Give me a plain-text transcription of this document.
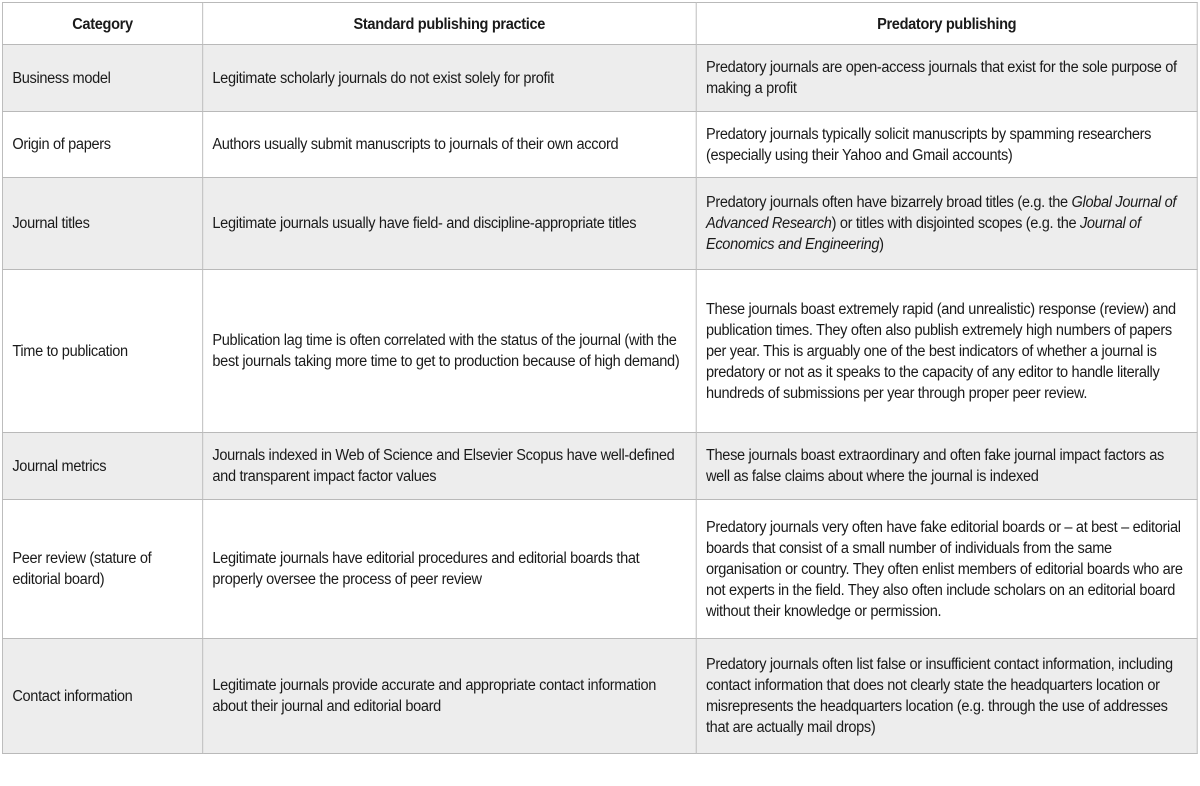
Category	Standard publishing practice	Predatory publishing
Business model	Legitimate scholarly journals do not exist solely for profit	Predatory journals are open-access journals that exist for the sole purpose of making a profit
Origin of papers	Authors usually submit manuscripts to journals of their own accord	Predatory journals typically solicit manuscripts by spamming researchers (especially using their Yahoo and Gmail accounts)
Journal titles	Legitimate journals usually have field- and discipline-appropriate titles	Predatory journals often have bizarrely broad titles (e.g. the Global Journal of Advanced Research) or titles with disjointed scopes (e.g. the Journal of Economics and Engineering)
Time to publication	Publication lag time is often correlated with the status of the journal (with the best journals taking more time to get to production because of high demand)	These journals boast extremely rapid (and unrealistic) response (review) and publication times. They often also publish extremely high numbers of papers per year. This is arguably one of the best indicators of whether a journal is predatory or not as it speaks to the capacity of any editor to handle literally hundreds of submissions per year through proper peer review.
Journal metrics	Journals indexed in Web of Science and Elsevier Scopus have well-defined and transparent impact factor values	These journals boast extraordinary and often fake journal impact factors as well as false claims about where the journal is indexed
Peer review (stature of editorial board)	Legitimate journals have editorial procedures and editorial boards that properly oversee the process of peer review	Predatory journals very often have fake editorial boards or – at best – editorial boards that consist of a small number of individuals from the same organisation or country. They often enlist members of editorial boards who are not experts in the field. They also often include scholars on an editorial board without their knowledge or permission.
Contact information	Legitimate journals provide accurate and appropriate contact information about their journal and editorial board	Predatory journals often list false or insufficient contact information, including contact information that does not clearly state the headquarters location or misrepresents the headquarters location (e.g. through the use of addresses that are actually mail drops)
